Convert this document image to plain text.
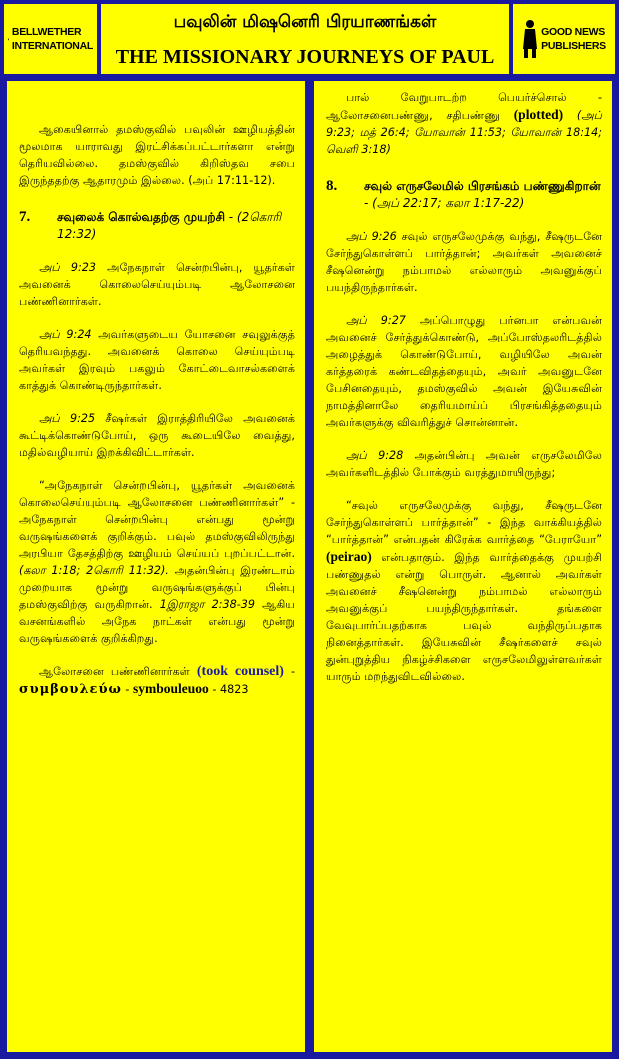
BELLWETHER
INTERNATIONAL
பவுலின் மிஷனெரி பிரயாணங்கள்
THE MISSIONARY JOURNEYS OF PAUL
GOOD NEWS
PUBLISHERS

ஆகையினால் தமஸ்குவில் பவுலின் ஊழியத்தின் மூலமாக யாராவது இரட்சிக்கப்பட்டார்களா என்று தெரியவில்லை. தமஸ்குவில் கிறிஸ்தவ சபை இருந்ததற்கு ஆதாரமும் இல்லை. (அப் 17:11-12).

7.	சவுலைக் கொல்வதற்கு முயற்சி - (2கொரி 12:32)

அப் 9:23 அநேகநாள் சென்றபின்பு, யூதர்கள் அவனைக் கொலைசெய்யும்படி ஆலோசனை பண்ணினார்கள்.

அப் 9:24 அவர்களுடைய யோசனை சவுலுக்குத் தெரியவந்தது. அவனைக் கொலை செய்யும்படி அவர்கள் இரவும் பகலும் கோட்டைவாசல்களைக் காத்துக் கொண்டிருந்தார்கள்.

அப் 9:25 சீஷர்கள் இராத்திரியிலே அவனைக் கூட்டிக்கொண்டுபோய், ஒரு கூடையிலே வைத்து, மதில்வழியாய் இறக்கிவிட்டார்கள்.

“அநேகநாள் சென்றபின்பு, யூதர்கள் அவனைக் கொலைசெய்யும்படி ஆலோசனை பண்ணினார்கள்” - அநேகநாள் சென்றபின்பு என்பது மூன்று வருஷங்களைக் குறிக்கும். பவுல் தமஸ்குவிலிருந்து அரபியா தேசத்திற்கு ஊழியம் செய்யப் புறப்பட்டான். (கலா 1:18; 2கொரி 11:32). அதன்பின்பு இரண்டாம் முறையாக மூன்று வருஷங்களுக்குப் பின்பு தமஸ்குவிற்கு வருகிறான். 1இராஜா 2:38-39 ஆகிய வசனங்களில் அநேக நாட்கள் என்பது மூன்று வருஷங்களைக் குறிக்கிறது.

ஆலோசனை பண்ணினார்கள் (took counsel) - συμβουλεύω - symbouleuoo - 4823

பால் வேறுபாடற்ற பெயர்ச்சொல் - ஆலோசனைபண்ணு, சதிபண்ணு (plotted) (அப் 9:23; மத் 26:4; யோவான் 11:53; யோவான் 18:14; வெளி 3:18)

8.	சவுல் எருசலேமில் பிரசங்கம் பண்ணுகிறான் - (அப் 22:17; கலா 1:17-22)

அப் 9:26 சவுல் எருசலேமுக்கு வந்து, சீஷருடனே சேர்ந்துகொள்ளப் பார்த்தான்; அவர்கள் அவனைச் சீஷனென்று நம்பாமல் எல்லாரும் அவனுக்குப் பயந்திருந்தார்கள்.

அப் 9:27 அப்பொழுது பர்னபா என்பவன் அவனைச் சேர்த்துக்கொண்டு, அப்போஸ்தலரிடத்தில் அழைத்துக் கொண்டுபோய், வழியிலே அவன் கர்த்தரைக் கண்டவிதத்தையும், அவர் அவனுடனே பேசினதையும், தமஸ்குவில் அவன் இயேசுவின் நாமத்தினாலே தைரியமாய்ப் பிரசங்கித்ததையும் அவர்களுக்கு விவரித்துச் சொன்னான்.

அப் 9:28 அதன்பின்பு அவன் எருசலேமிலே அவர்களிடத்தில் போக்கும் வரத்துமாயிருந்து;

“சவுல் எருசலேமுக்கு வந்து, சீஷருடனே சேர்ந்துகொள்ளப் பார்த்தான்” - இந்த வாக்கியத்தில் “பார்த்தான்” என்பதன் கிரேக்க வார்த்தை “பேராயோ” (peirao) என்பதாகும். இந்த வார்த்தைக்கு முயற்சி பண்ணுதல் என்று பொருள். ஆனால் அவர்கள் அவனைச் சீஷனென்று நம்பாமல் எல்லாரும் அவனுக்குப் பயந்திருந்தார்கள். தங்களை வேவுபார்ப்பதற்காக பவுல் வந்திருப்பதாக நினைத்தார்கள். இயேசுவின் சீஷர்களைச் சவுல் துன்புறுத்திய நிகழ்ச்சிகளை எருசலேமிலுள்ளவர்கள் யாரும் மறந்துவிடவில்லை.
